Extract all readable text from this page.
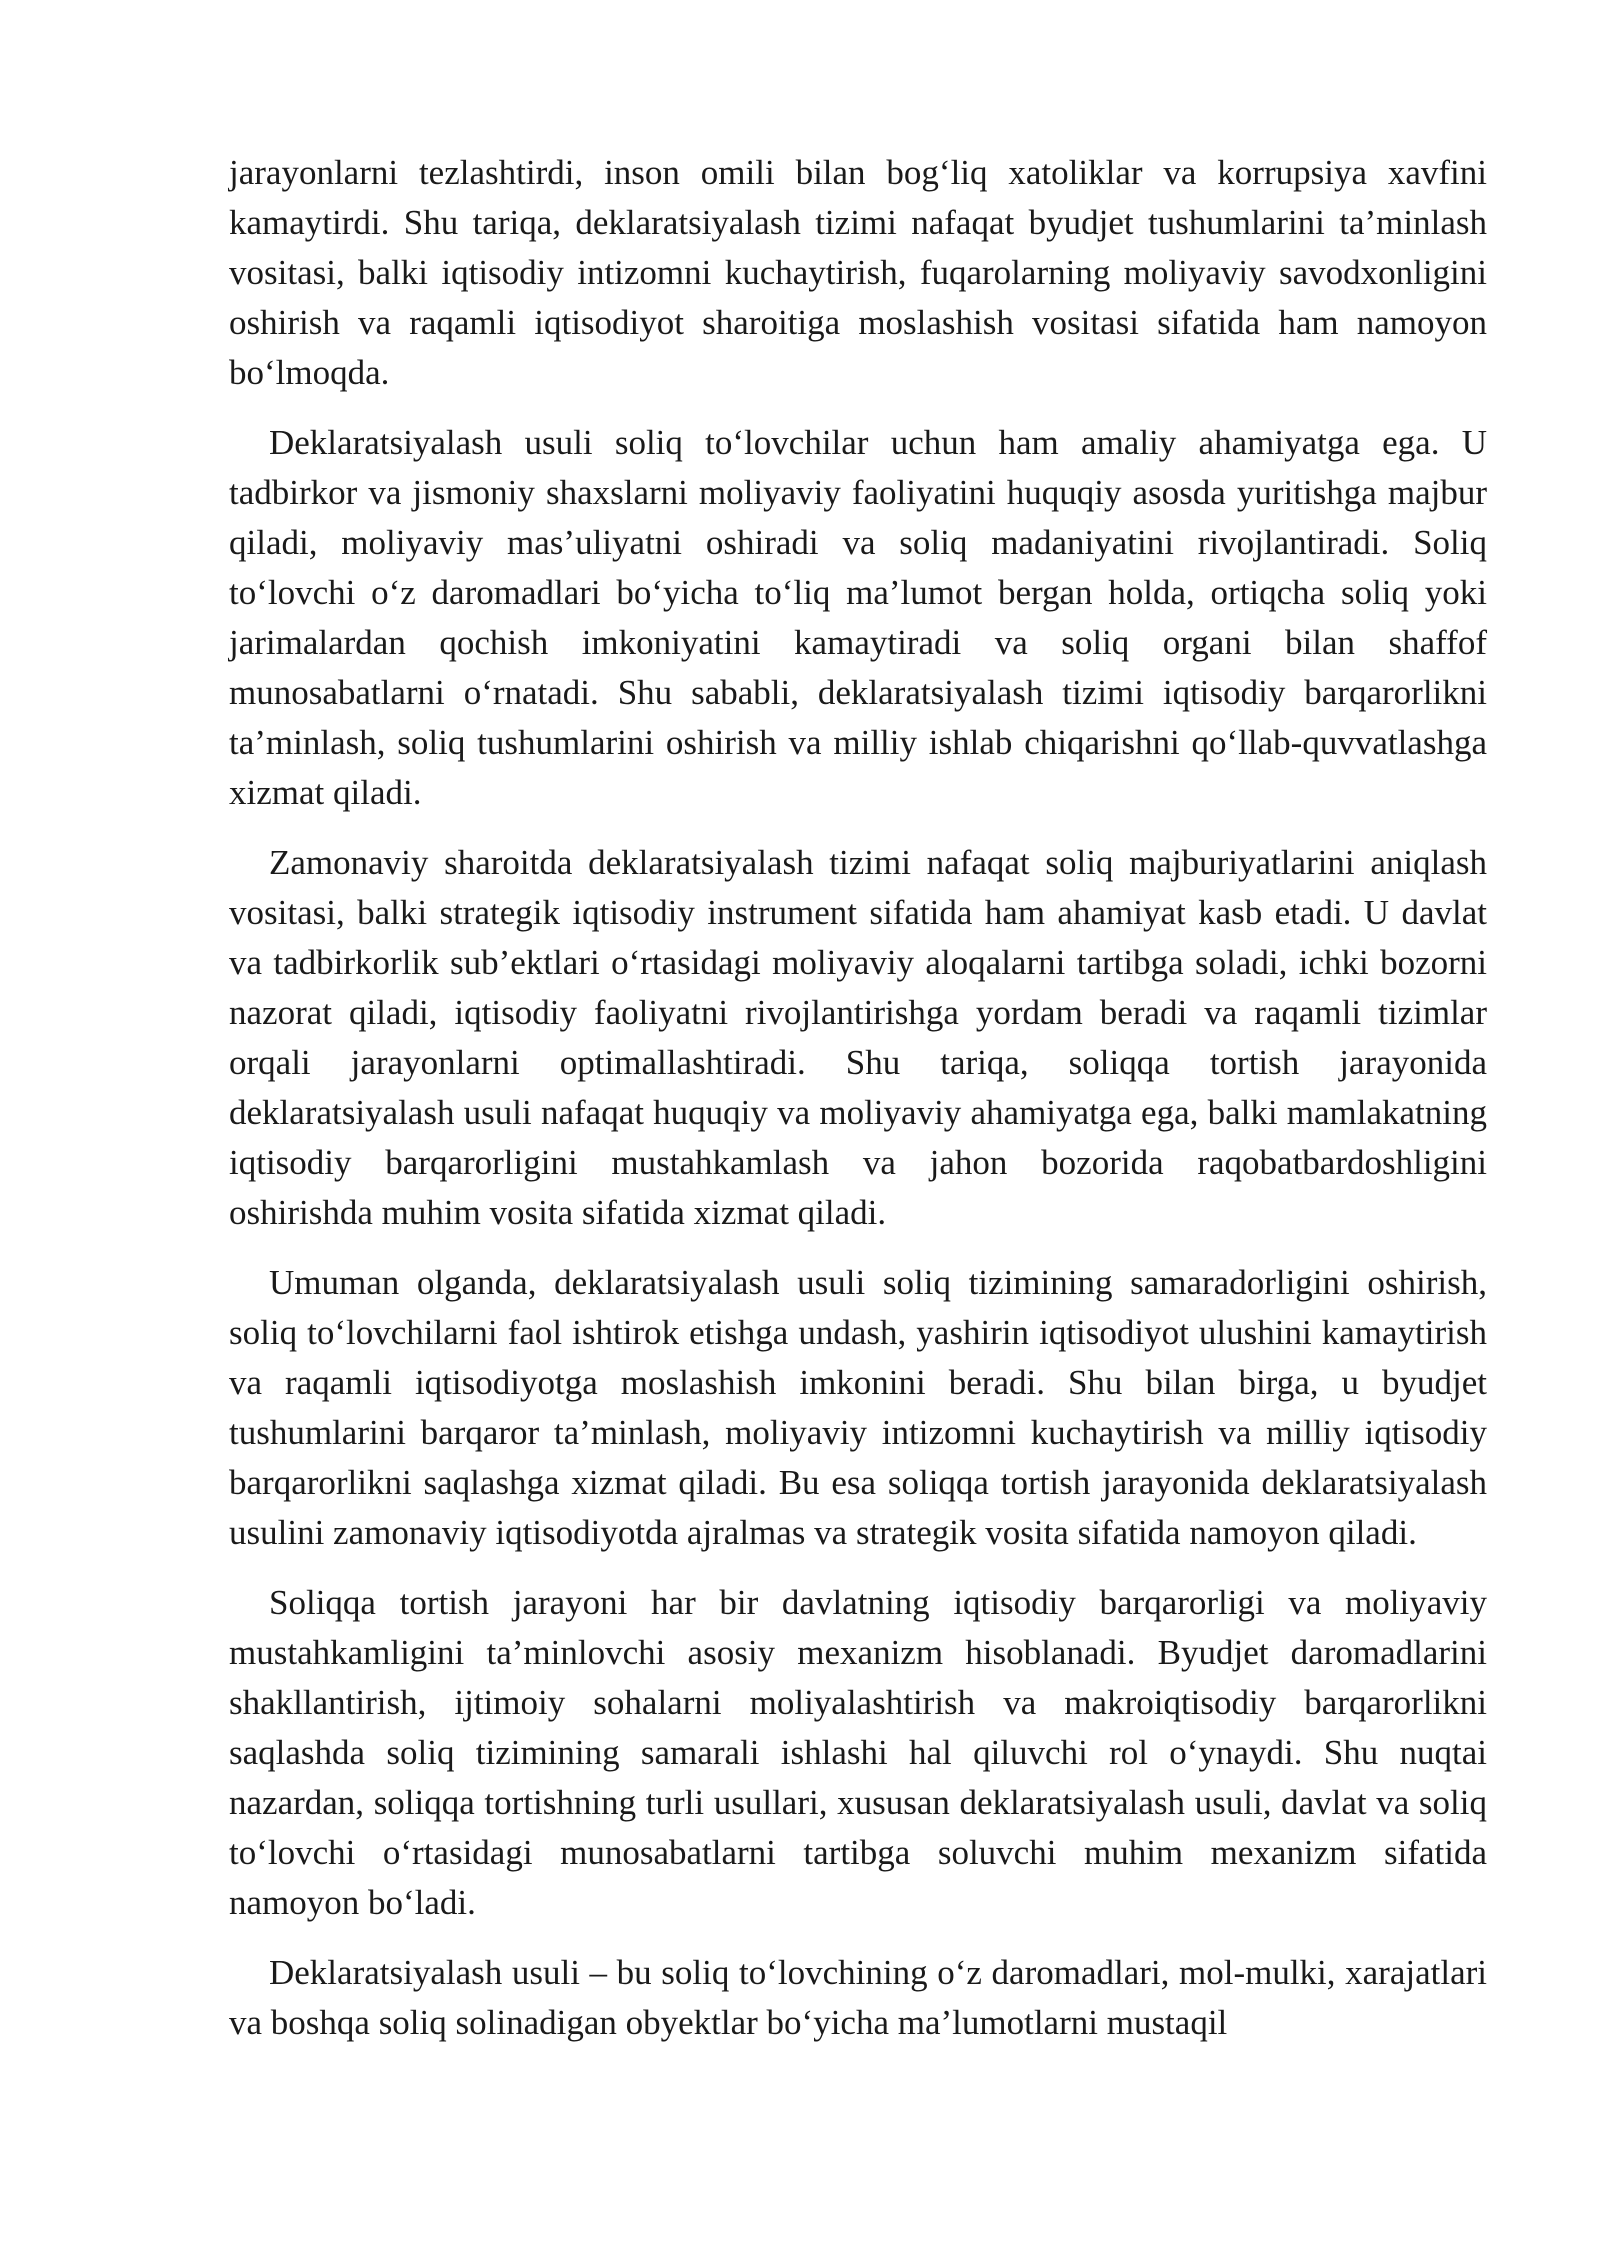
jarayonlarni tezlashtirdi, inson omili bilan bog‘liq xatoliklar va korrupsiya xavfini kamaytirdi. Shu tariqa, deklaratsiyalash tizimi nafaqat byudjet tushumlarini ta’minlash vositasi, balki iqtisodiy intizomni kuchaytirish, fuqarolarning moliyaviy savodxonligini oshirish va raqamli iqtisodiyot sharoitiga moslashish vositasi sifatida ham namoyon bo‘lmoqda.

Deklaratsiyalash usuli soliq to‘lovchilar uchun ham amaliy ahamiyatga ega. U tadbirkor va jismoniy shaxslarni moliyaviy faoliyatini huquqiy asosda yuritishga majbur qiladi, moliyaviy mas’uliyatni oshiradi va soliq madaniyatini rivojlantiradi. Soliq to‘lovchi o‘z daromadlari bo‘yicha to‘liq ma’lumot bergan holda, ortiqcha soliq yoki jarimalardan qochish imkoniyatini kamaytiradi va soliq organi bilan shaffof munosabatlarni o‘rnatadi. Shu sababli, deklaratsiyalash tizimi iqtisodiy barqarorlikni ta’minlash, soliq tushumlarini oshirish va milliy ishlab chiqarishni qo‘llab-quvvatlashga xizmat qiladi.

Zamonaviy sharoitda deklaratsiyalash tizimi nafaqat soliq majburiyatlarini aniqlash vositasi, balki strategik iqtisodiy instrument sifatida ham ahamiyat kasb etadi. U davlat va tadbirkorlik sub’ektlari o‘rtasidagi moliyaviy aloqalarni tartibga soladi, ichki bozorni nazorat qiladi, iqtisodiy faoliyatni rivojlantirishga yordam beradi va raqamli tizimlar orqali jarayonlarni optimallashtiradi. Shu tariqa, soliqqa tortish jarayonida deklaratsiyalash usuli nafaqat huquqiy va moliyaviy ahamiyatga ega, balki mamlakatning iqtisodiy barqarorligini mustahkamlash va jahon bozorida raqobatbardoshligini oshirishda muhim vosita sifatida xizmat qiladi.

Umuman olganda, deklaratsiyalash usuli soliq tizimining samaradorligini oshirish, soliq to‘lovchilarni faol ishtirok etishga undash, yashirin iqtisodiyot ulushini kamaytirish va raqamli iqtisodiyotga moslashish imkonini beradi. Shu bilan birga, u byudjet tushumlarini barqaror ta’minlash, moliyaviy intizomni kuchaytirish va milliy iqtisodiy barqarorlikni saqlashga xizmat qiladi. Bu esa soliqqa tortish jarayonida deklaratsiyalash usulini zamonaviy iqtisodiyotda ajralmas va strategik vosita sifatida namoyon qiladi.

Soliqqa tortish jarayoni har bir davlatning iqtisodiy barqarorligi va moliyaviy mustahkamligini ta’minlovchi asosiy mexanizm hisoblanadi. Byudjet daromadlarini shakllantirish, ijtimoiy sohalarni moliyalashtirish va makroiqtisodiy barqarorlikni saqlashda soliq tizimining samarali ishlashi hal qiluvchi rol o‘ynaydi. Shu nuqtai nazardan, soliqqa tortishning turli usullari, xususan deklaratsiyalash usuli, davlat va soliq to‘lovchi o‘rtasidagi munosabatlarni tartibga soluvchi muhim mexanizm sifatida namoyon bo‘ladi.

Deklaratsiyalash usuli – bu soliq to‘lovchining o‘z daromadlari, mol-mulki, xarajatlari va boshqa soliq solinadigan obyektlar bo‘yicha ma’lumotlarni mustaqil
